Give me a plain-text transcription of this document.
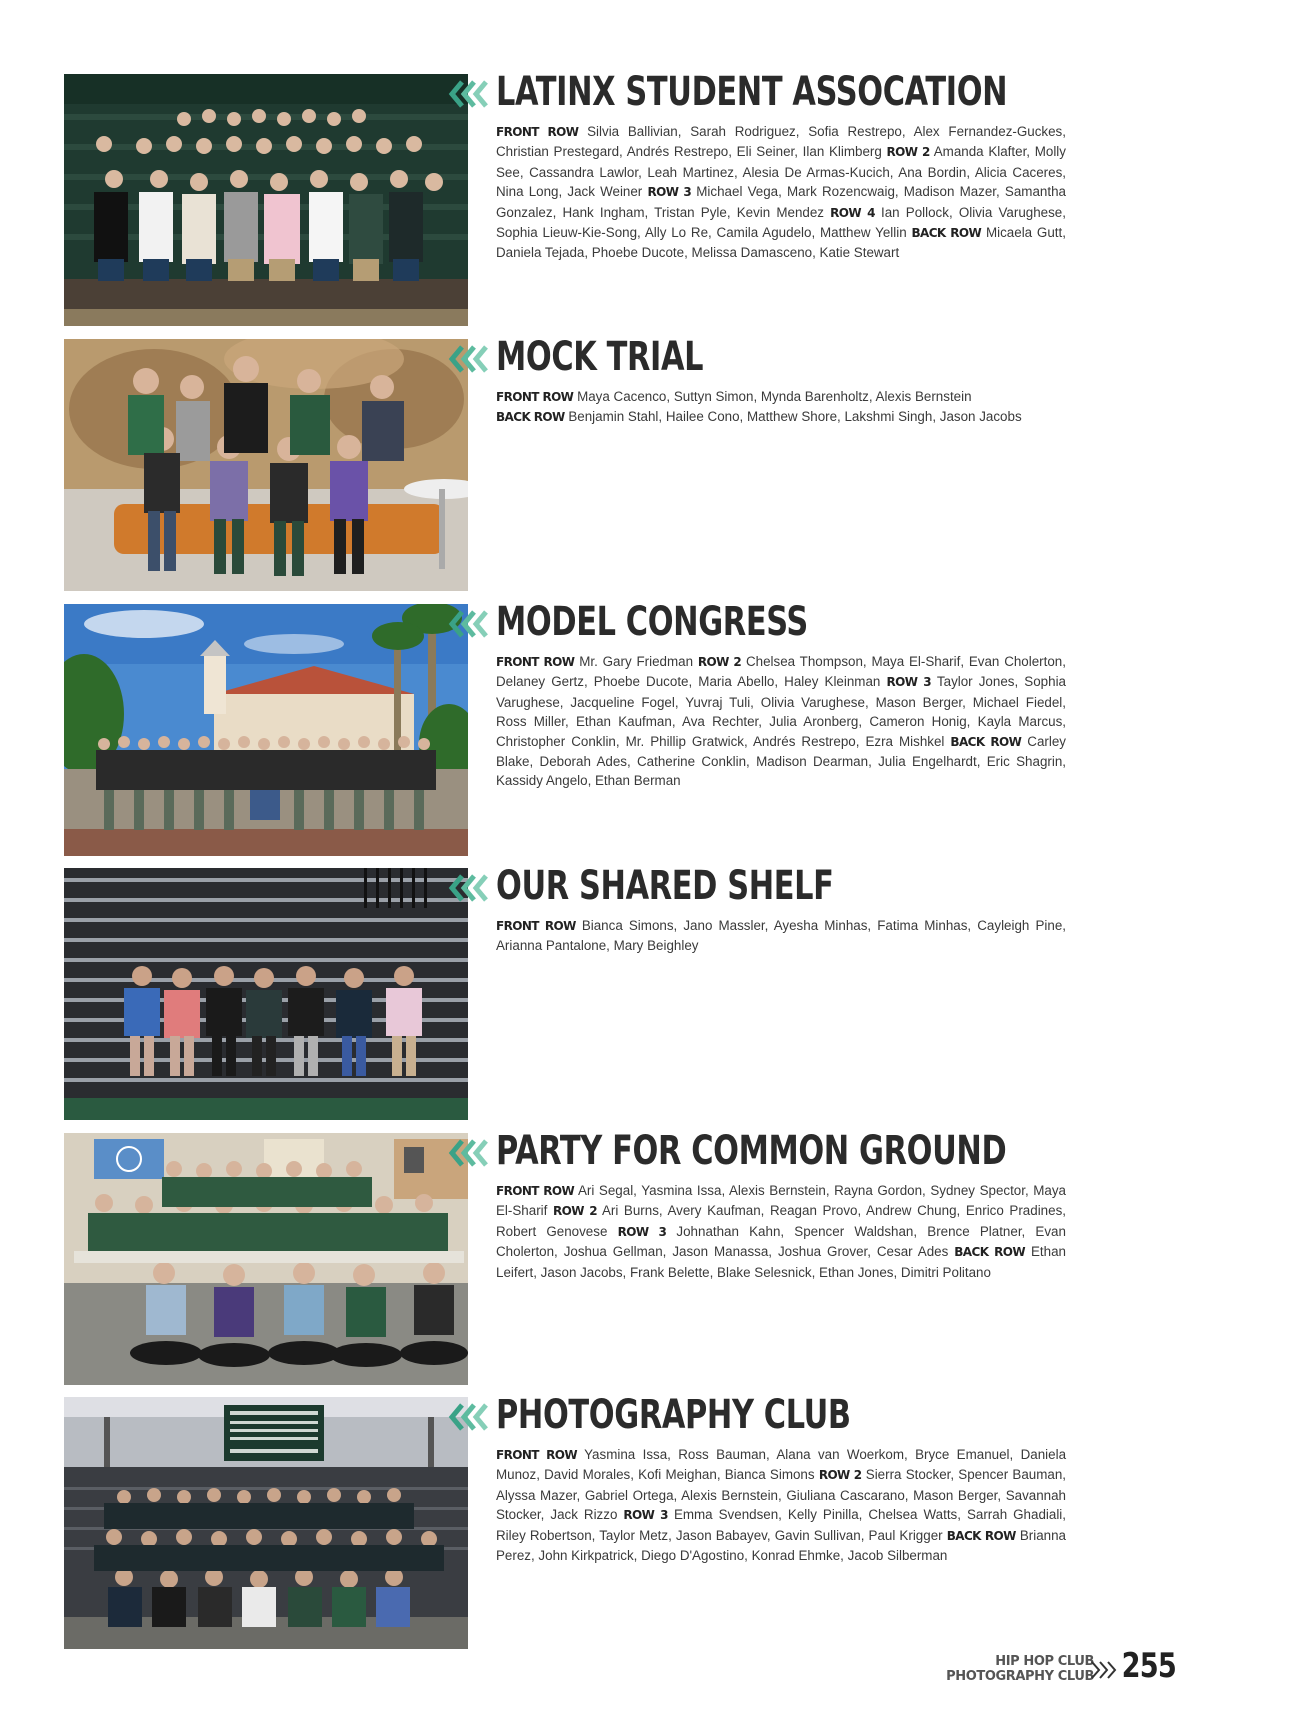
LATINX STUDENT ASSOCATION
FRONT ROW Silvia Ballivian, Sarah Rodriguez, Sofia Restrepo, Alex Fernandez-Guckes, Christian Prestegard, Andrés Restrepo, Eli Seiner, Ilan Klimberg ROW 2 Amanda Klafter, Molly See, Cassandra Lawlor, Leah Martinez, Alesia De Armas-Kucich, Ana Bordin, Alicia Caceres, Nina Long, Jack Weiner ROW 3 Michael Vega, Mark Rozencwaig, Madison Mazer, Samantha Gonzalez, Hank Ingham, Tristan Pyle, Kevin Mendez ROW 4 Ian Pollock, Olivia Varughese, Sophia Lieuw-Kie-Song, Ally Lo Re, Camila Agudelo, Matthew Yellin BACK ROW Micaela Gutt, Daniela Tejada, Phoebe Ducote, Melissa Damasceno, Katie Stewart
MOCK TRIAL
FRONT ROW Maya Cacenco, Suttyn Simon, Mynda Barenholtz, Alexis Bernstein
BACK ROW Benjamin Stahl, Hailee Cono, Matthew Shore, Lakshmi Singh, Jason Jacobs
MODEL CONGRESS
FRONT ROW Mr. Gary Friedman ROW 2 Chelsea Thompson, Maya El-Sharif, Evan Cholerton, Delaney Gertz, Phoebe Ducote, Maria Abello, Haley Kleinman ROW 3 Taylor Jones, Sophia Varughese, Jacqueline Fogel, Yuvraj Tuli, Olivia Varughese, Mason Berger, Michael Fiedel, Ross Miller, Ethan Kaufman, Ava Rechter, Julia Aronberg, Cameron Honig, Kayla Marcus, Christopher Conklin, Mr. Phillip Gratwick, Andrés Restrepo, Ezra Mishkel BACK ROW Carley Blake, Deborah Ades, Catherine Conklin, Madison Dearman, Julia Engelhardt, Eric Shagrin, Kassidy Angelo, Ethan Berman
OUR SHARED SHELF
FRONT ROW Bianca Simons, Jano Massler, Ayesha Minhas, Fatima Minhas, Cayleigh Pine, Arianna Pantalone, Mary Beighley
PARTY FOR COMMON GROUND
FRONT ROW Ari Segal, Yasmina Issa, Alexis Bernstein, Rayna Gordon, Sydney Spector, Maya El-Sharif ROW 2 Ari Burns, Avery Kaufman, Reagan Provo, Andrew Chung, Enrico Pradines, Robert Genovese ROW 3 Johnathan Kahn, Spencer Waldshan, Brence Platner, Evan Cholerton, Joshua Gellman, Jason Manassa, Joshua Grover, Cesar Ades BACK ROW Ethan Leifert, Jason Jacobs, Frank Belette, Blake Selesnick, Ethan Jones, Dimitri Politano
PHOTOGRAPHY CLUB
FRONT ROW Yasmina Issa, Ross Bauman, Alana van Woerkom, Bryce Emanuel, Daniela Munoz, David Morales, Kofi Meighan, Bianca Simons ROW 2 Sierra Stocker, Spencer Bauman, Alyssa Mazer, Gabriel Ortega, Alexis Bernstein, Giuliana Cascarano, Mason Berger, Savannah Stocker, Jack Rizzo ROW 3 Emma Svendsen, Kelly Pinilla, Chelsea Watts, Sarrah Ghadiali, Riley Robertson, Taylor Metz, Jason Babayev, Gavin Sullivan, Paul Krigger BACK ROW Brianna Perez, John Kirkpatrick, Diego D'Agostino, Konrad Ehmke, Jacob Silberman
HIP HOP CLUB
PHOTOGRAPHY CLUB 255
